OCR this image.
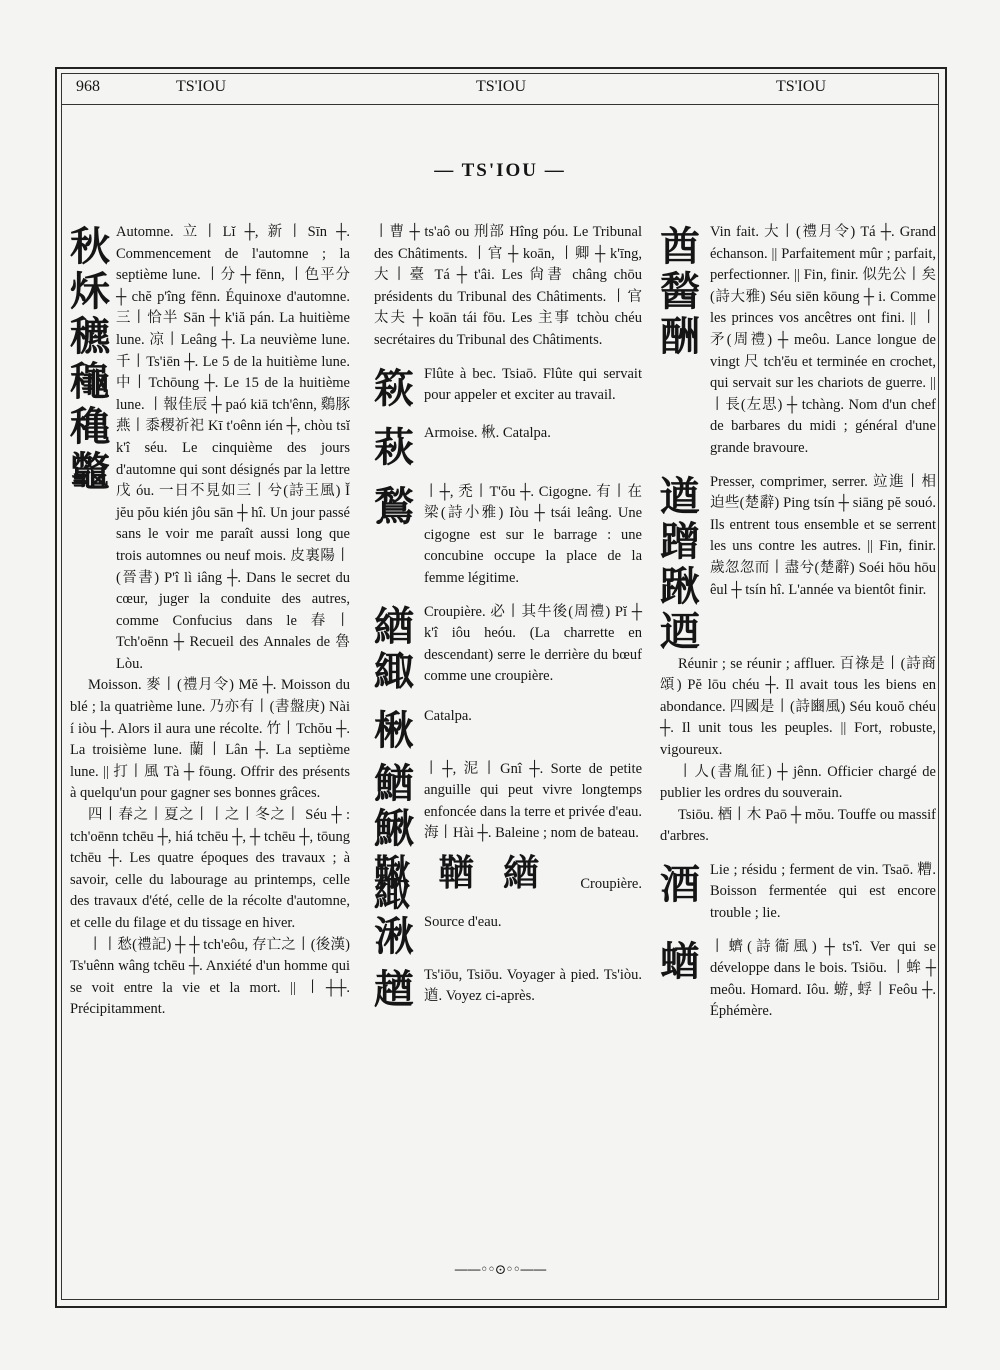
968	TS'IOU	TS'IOU	TS'IOU
— TS'IOU —
秋
秌
穮
龝
穐
龞
Automne. 立丨Lĭ ┼, 新丨Sīn ┼. Commencement de l'automne ; la septième lune. 丨分 ┼ fēnn, 丨色平分 ┼ chĕ p'îng fēnn. Équinoxe d'automne. 三丨恰半 Sān ┼ k'iă pán. La huitième lune. 凉丨Leâng ┼. La neuvième lune. 千丨Ts'iēn ┼. Le 5 de la huitième lune. 中丨Tchōung ┼. Le 15 de la huitième lune. 丨報佳辰 ┼ paó kiā tch'ênn, 鷄豚燕丨黍稷祈祀 Kī t'oênn ién ┼, chòu tsĭ k'î séu. Le cinquième des jours d'automne qui sont désignés par la lettre 戊 óu. 一日不見如三丨兮(詩王風) Ĭ jĕu pŏu kién jôu sān ┼ hî. Un jour passé sans le voir me paraît aussi long que trois automnes ou neuf mois. 皮裏陽丨(晉書) P'î lì iâng ┼. Dans le secret du cœur, juger la conduite des autres, comme Confucius dans le 春丨Tch'oēnn ┼ Recueil des Annales de 魯 Lòu.
Moisson. 麥丨(禮月令) Mĕ ┼. Moisson du blé ; la quatrième lune. 乃亦有丨(書盤庚) Nài í iòu ┼. Alors il aura une récolte. 竹丨Tchŏu ┼. La troisième lune. 蘭丨Lân ┼. La septième lune. || 打丨風 Tà ┼ fōung. Offrir des présents à quelqu'un pour gagner ses bonnes grâces.
四丨春之丨夏之丨丨之丨冬之丨 Séu ┼ : tch'oēnn tchēu ┼, hiá tchēu ┼, ┼ tchēu ┼, tōung tchēu ┼. Les quatre époques des travaux ; à savoir, celle du labourage au printemps, celle des travaux d'été, celle de la récolte d'automne, et celle du filage et du tissage en hiver.
丨丨愁(禮記) ┼ ┼ tch'eôu, 存亡之丨(後漢) Ts'uênn wâng tchēu ┼. Anxiété d'un homme qui se voit entre la vie et la mort. || 丨┼┼. Précipitamment.
丨曹 ┼ ts'aô ou 刑部 Hîng póu. Le Tribunal des Châtiments. 丨官 ┼ koān, 丨卿 ┼ k'īng, 大丨臺 Tá ┼ t'âi. Les 尙書 châng chōu présidents du Tribunal des Châtiments. 丨官太夫 ┼ koān tái fōu. Les 主事 tchòu chéu secrétaires du Tribunal des Châtiments.
篍 Flûte à bec. Tsiaō. Flûte qui servait pour appeler et exciter au travail.
萩 Armoise. 楸. Catalpa.
鶖 丨┼, 禿丨T'ŏu ┼. Cigogne. 有丨在梁(詩小雅) Iòu ┼ tsái leâng. Une cigogne est sur le barrage : une concubine occupe la place de la femme légitime.
緧
緅
Croupière. 必丨其牛後(周禮) Pĭ ┼ k'î iôu heóu. (La charrette en descendant) serre le derrière du bœuf comme une croupière.
楸 Catalpa.
鰌
鰍
丨┼, 泥丨Gnî ┼. Sorte de petite anguille qui peut vivre longtemps enfoncée dans la terre et privée d'eau. 海丨Hài ┼. Baleine ; nom de bateau.
鞦 鞧 緧 緅	Croupière.
湫 Source d'eau.
趥 Ts'iōu, Tsiōu. Voyager à pied. Ts'iòu. 遒. Voyez ci-après.
酋
醔
酬
Vin fait. 大丨(禮月令) Tá ┼. Grand échanson. || Parfaitement mûr ; parfait, perfectionner. || Fin, finir. 似先公丨矣(詩大雅) Séu siēn kōung ┼ i. Comme les princes vos ancêtres ont fini. || 丨矛(周禮) ┼ meôu. Lance longue de vingt 尺 tch'ĕu et terminée en crochet, qui servait sur les chariots de guerre. || 丨長(左思) ┼ tchàng. Nom d'un chef de barbares du midi ; général d'une grande bravoure.
遒
蹭
踿
迺
Presser, comprimer, serrer. 竝進丨相迫些(楚辭) Ping tsín ┼ siāng pĕ souó. Ils entrent tous ensemble et se serrent les uns contre les autres. || Fin, finir. 歲忽忽而丨盡兮(楚辭) Soéi hōu hōu êul ┼ tsín hî. L'année va bientôt finir.
Réunir ; se réunir ; affluer. 百祿是丨(詩商頌) Pĕ lōu chéu ┼. Il avait tous les biens en abondance. 四國是丨(詩豳風) Séu kouŏ chéu ┼. Il unit tous les peuples. || Fort, robuste, vigoureux.
丨人(書胤征) ┼ jênn. Officier chargé de publier les ordres du souverain.
Tsiōu. 梄丨木 Paō ┼ mŏu. Touffe ou massif d'arbres.
酒 Lie ; résidu ; ferment de vin. Tsaō. 糟. Boisson fermentée qui est encore trouble ; lie.
蝤 丨蠐(詩衞風) ┼ ts'î. Ver qui se développe dans le bois. Tsiōu. 丨蛑 ┼ meôu. Homard. Iôu. 蝣, 蜉丨Feôu ┼. Éphémère.
——◦◦⊙◦◦——
